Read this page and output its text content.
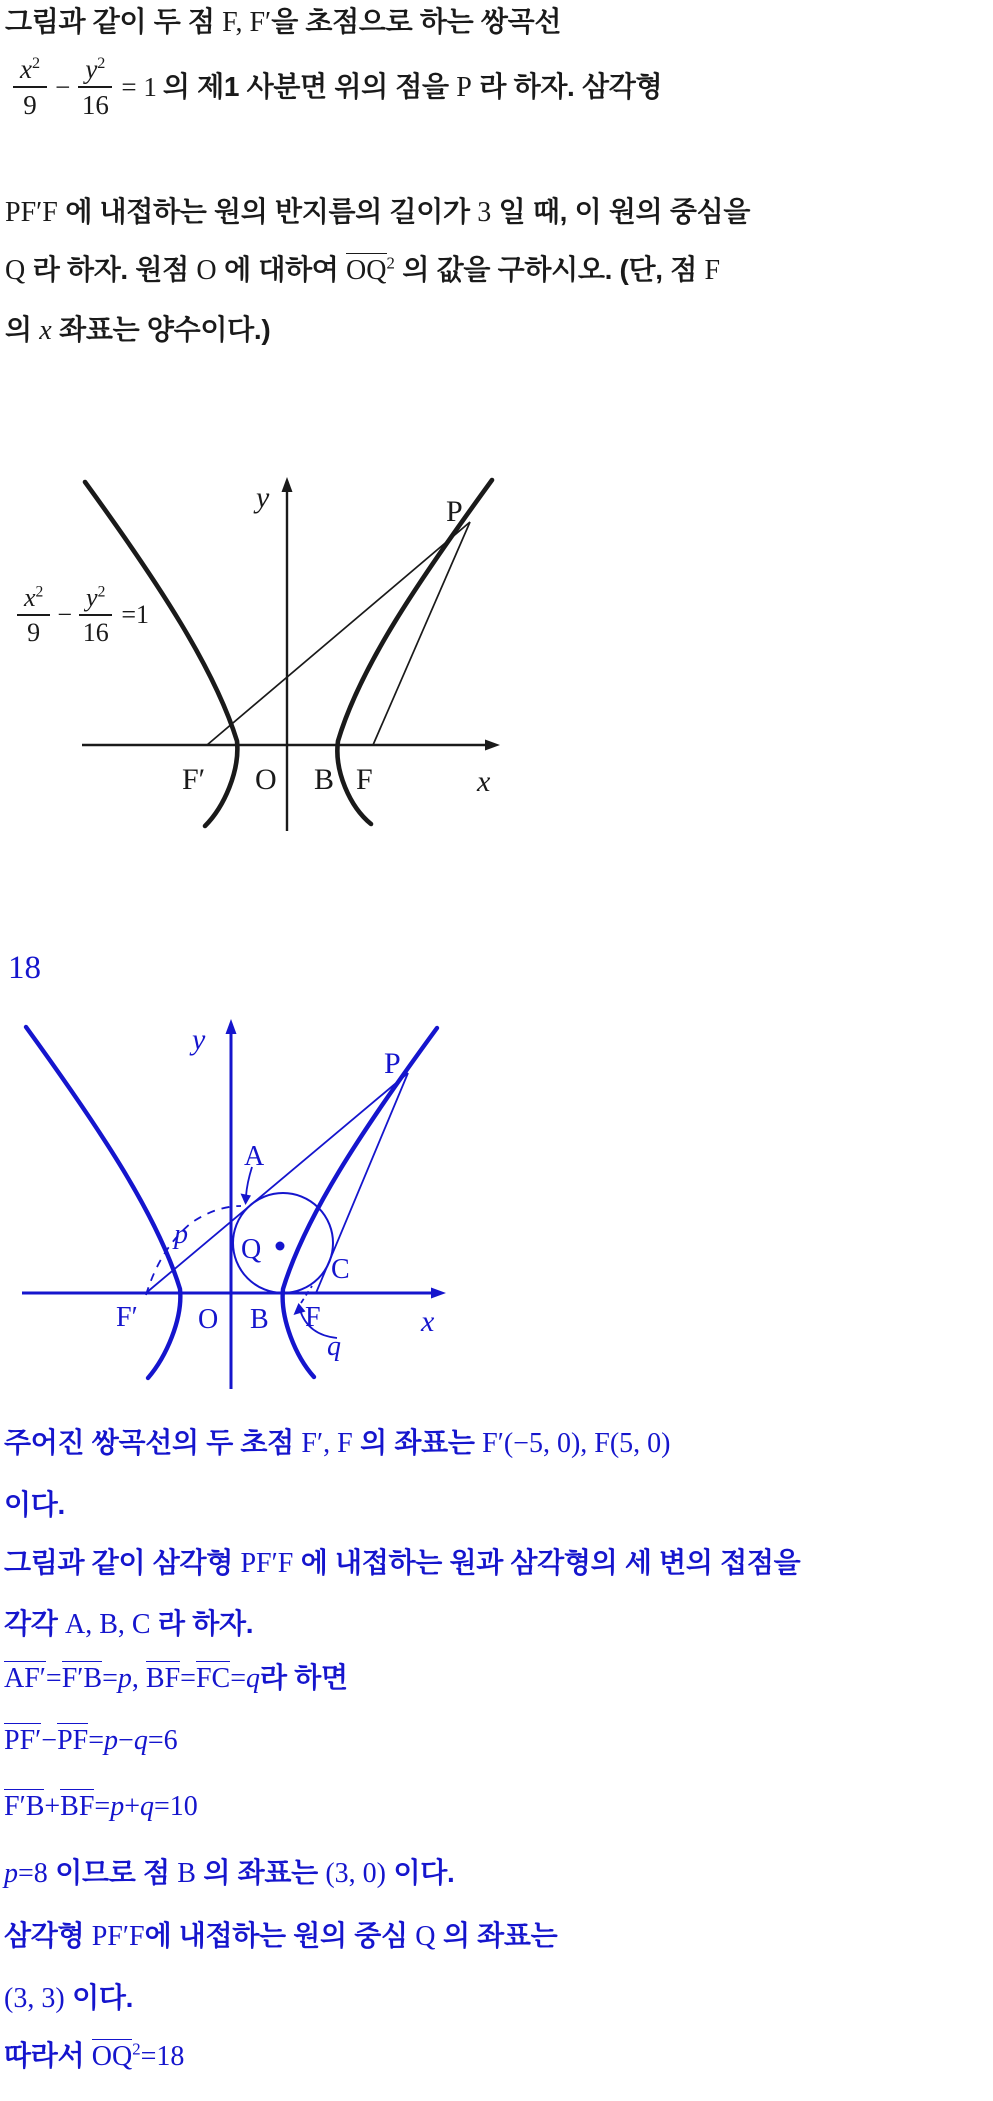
그림과 같이 두 점 F, F′을 초점으로 하는 쌍곡선
$\frac{x^2}{9} - \frac{y^2}{16} = 1$ 의 제1 사분면 위의 점을 P 라 하자. 삼각형
PF′F 에 내접하는 원의 반지름의 길이가 3 일 때, 이 원의 중심을
Q 라 하자. 원점 O 에 대하여 $OQ^2$ 의 값을 구하시오. (단, 점 F
의 x 좌표는 양수이다.)
y
x
P
F′ O B F
$\frac{x^2}{9} - \frac{y^2}{16} =1$
18
y
x
P
A
Q
C
p
q
F′ O B F
주어진 쌍곡선의 두 초점 F′, F 의 좌표는 F′(−5, 0), F(5, 0)
이다.
그림과 같이 삼각형 PF′F 에 내접하는 원과 삼각형의 세 변의 접점을
각각 A, B, C 라 하자.
AF′=F′B=p, BF=FC=q라 하면
PF′−PF=p−q=6
F′B+BF=p+q=10
p=8 이므로 점 B 의 좌표는 (3, 0) 이다.
삼각형 PF′F에 내접하는 원의 중심 Q 의 좌표는
(3, 3) 이다.
따라서 $OQ^2=18$
